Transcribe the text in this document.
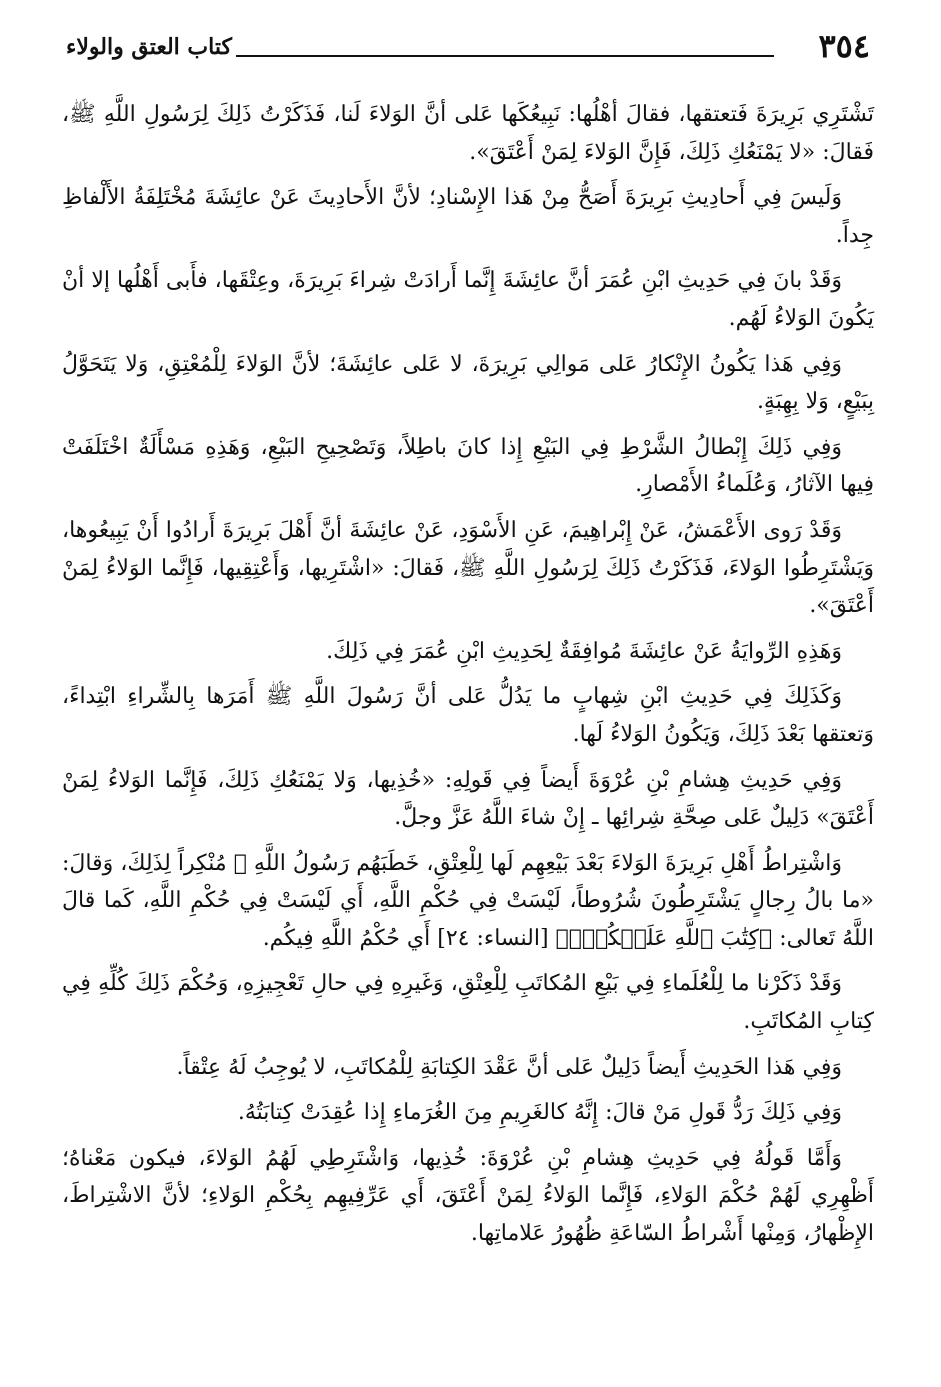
٣٥٤
كتاب العتق والولاء

تَشْتَرِي بَرِيرَةَ فَتعتقها، فقالَ أهْلُها: نَبِيعُكَها عَلى أنَّ الوَلاءَ لَنا، فَذَكَرْتُ ذَلِكَ لِرَسُولِ اللَّهِ ﷺ، فَقالَ: «لا يَمْنَعُكِ ذَلِكَ، فَإِنَّ الوَلاءَ لِمَنْ أَعْتَقَ».

وَلَيسَ فِي أَحادِيثِ بَرِيرَةَ أَصَحُّ مِنْ هَذا الإِسْنادِ؛ لأنَّ الأَحادِيثَ عَنْ عائِشَةَ مُخْتَلِفَةُ الأَلْفاظِ جِداً.

وَقَدْ بانَ فِي حَدِيثِ ابْنِ عُمَرَ أنَّ عائِشَةَ إِنَّما أَرادَتْ شِراءَ بَرِيرَةَ، وعِتْقَها، فأَبى أَهْلُها إلا أنْ يَكُونَ الوَلاءُ لَهُم.

وَفِي هَذا يَكُونُ الإِنْكارُ عَلى مَوالِي بَرِيرَةَ، لا عَلى عائِشَةَ؛ لأنَّ الوَلاءَ لِلْمُعْتِقِ، وَلا يَتَحَوَّلُ بِبَيْعٍ، وَلا بِهِبَةٍ.

وَفِي ذَلِكَ إِبْطالُ الشَّرْطِ فِي البَيْعِ إِذا كانَ باطِلاً، وَتَصْحِيحِ البَيْعِ، وَهَذِهِ مَسْأَلَةٌ اخْتَلَفَتْ فِيها الآثارُ، وَعُلَماءُ الأَمْصارِ.

وَقَدْ رَوى الأَعْمَشُ، عَنْ إِبْراهِيمَ، عَنِ الأَسْوَدِ، عَنْ عائِشَةَ أنَّ أَهْلَ بَرِيرَةَ أَرادُوا أَنْ يَبِيعُوها، وَيَشْتَرِطُوا الوَلاءَ، فَذَكَرْتُ ذَلِكَ لِرَسُولِ اللَّهِ ﷺ، فَقالَ: «اشْتَرِيها، وَأَعْتِقِيها، فَإِنَّما الوَلاءُ لِمَنْ أَعْتَقَ».

وَهَذِهِ الرِّوايَةُ عَنْ عائِشَةَ مُوافِقَةٌ لِحَدِيثِ ابْنِ عُمَرَ فِي ذَلِكَ.

وَكَذَلِكَ فِي حَدِيثِ ابْنِ شِهابٍ ما يَدُلُّ عَلى أنَّ رَسُولَ اللَّهِ ﷺ أَمَرَها بِالشِّراءِ ابْتِداءً، وَتعتقها بَعْدَ ذَلِكَ، وَيَكُونُ الوَلاءُ لَها.

وَفِي حَدِيثِ هِشامِ بْنِ عُرْوَةَ أَيضاً فِي قَولِهِ: «خُذِيها، وَلا يَمْنَعُكِ ذَلِكَ، فَإِنَّما الوَلاءُ لِمَنْ أَعْتَقَ» دَلِيلٌ عَلى صِحَّةِ شِرائِها ـ إِنْ شاءَ اللَّهُ عَزَّ وجلَّ.

وَاشْتِراطُ أَهْلِ بَرِيرَةَ الوَلاءَ بَعْدَ بَيْعِهِم لَها لِلْعِتْقِ، خَطَبَهُم رَسُولُ اللَّهِ ﷺ مُنْكِراً لِذَلِكَ، وَقالَ: «ما بالُ رِجالٍ يَشْتَرِطُونَ شُرُوطاً، لَيْسَتْ فِي حُكْمِ اللَّهِ، أَي لَيْسَتْ فِي حُكْمِ اللَّهِ، كَما قالَ اللَّهُ تَعالى: ﴿كِتَٰبَ ٱللَّهِ عَلَيۡكُمۡۚ﴾ [النساء: ٢٤] أَي حُكْمُ اللَّهِ فِيكُم.

وَقَدْ ذَكَرْنا ما لِلْعُلَماءِ فِي بَيْعِ المُكاتَبِ لِلْعِتْقِ، وَغَيرِهِ فِي حالِ تَعْجِيزِهِ، وَحُكْمَ ذَلِكَ كُلِّهِ فِي كِتابِ المُكاتَبِ.

وَفِي هَذا الحَدِيثِ أَيضاً دَلِيلٌ عَلى أنَّ عَقْدَ الكِتابَةِ لِلْمُكاتَبِ، لا يُوجِبُ لَهُ عِتْقاً.

وَفِي ذَلِكَ رَدُّ قَولِ مَنْ قالَ: إِنَّهُ كالغَرِيمِ مِنَ الغُرَماءِ إِذا عُقِدَتْ كِتابَتُهُ.

وَأَمَّا قَولُهُ فِي حَدِيثِ هِشامِ بْنِ عُرْوَةَ: خُذِيها، وَاشْتَرِطِي لَهُمُ الوَلاءَ، فيكون مَعْناهُ؛ أَظْهِرِي لَهُمْ حُكْمَ الوَلاءِ، فَإِنَّما الوَلاءُ لِمَنْ أَعْتَقَ، أَي عَرِّفِيهِم بِحُكْمِ الوَلاءِ؛ لأنَّ الاشْتِراطَ، الإِظْهارُ، وَمِنْها أَشْراطُ السّاعَةِ ظُهُورُ عَلاماتِها.
